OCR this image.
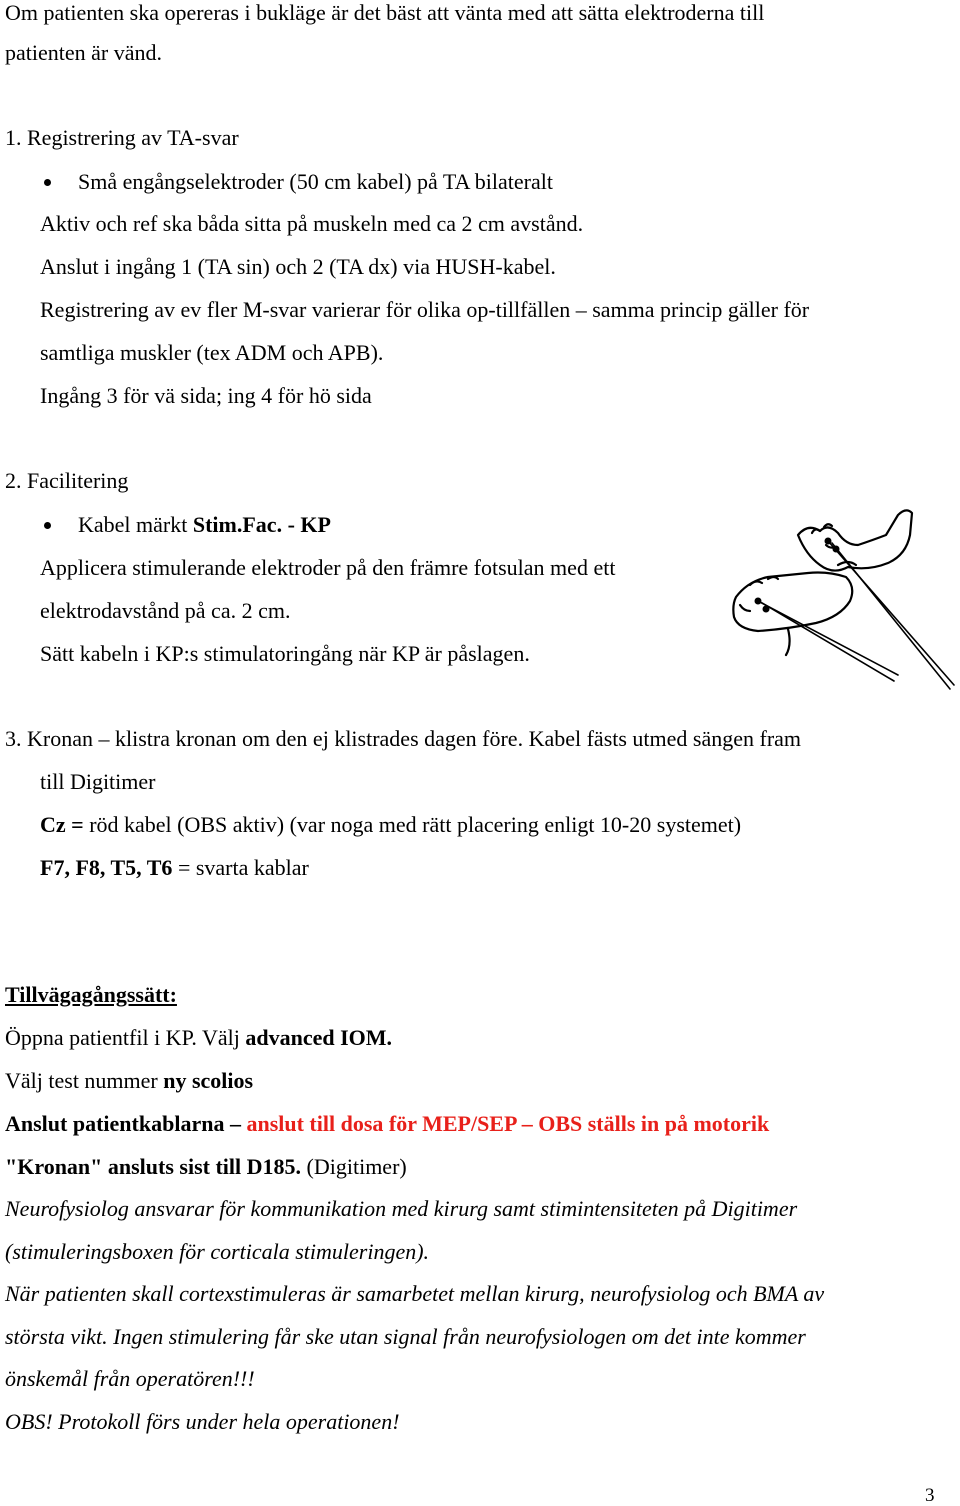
Om patienten ska opereras i bukläge är det bäst att vänta med att sätta elektroderna till
patienten är vänd.
1. Registrering av TA-svar
Små engångselektroder (50 cm kabel) på TA bilateralt
Aktiv och ref ska båda sitta på muskeln med ca 2 cm avstånd.
Anslut i ingång 1 (TA sin) och 2 (TA dx) via HUSH-kabel.
Registrering av ev fler M-svar varierar för olika op-tillfällen – samma princip gäller för
samtliga muskler (tex ADM och APB).
Ingång 3 för vä sida; ing 4 för hö sida
2. Facilitering
Kabel märkt Stim.Fac. - KP
Applicera stimulerande elektroder på den främre fotsulan med ett
elektrodavstånd på ca. 2 cm.
Sätt kabeln i KP:s stimulatoringång när KP är påslagen.
3. Kronan – klistra kronan om den ej klistrades dagen före. Kabel fästs utmed sängen fram
till Digitimer
Cz = röd kabel (OBS aktiv) (var noga med rätt placering enligt 10-20 systemet)
F7, F8, T5, T6 = svarta kablar
Tillvägagångssätt:
Öppna patientfil i KP. Välj advanced IOM.
Välj test nummer ny scolios
Anslut patientkablarna – anslut till dosa för MEP/SEP – OBS ställs in på motorik
"Kronan" ansluts sist till D185. (Digitimer)
Neurofysiolog ansvarar för kommunikation med kirurg samt stimintensiteten på Digitimer
(stimuleringsboxen för corticala stimuleringen).
När patienten skall cortexstimuleras är samarbetet mellan kirurg, neurofysiolog och BMA av
största vikt. Ingen stimulering får ske utan signal från neurofysiologen om det inte kommer
önskemål från operatören!!!
OBS! Protokoll förs under hela operationen!
3
